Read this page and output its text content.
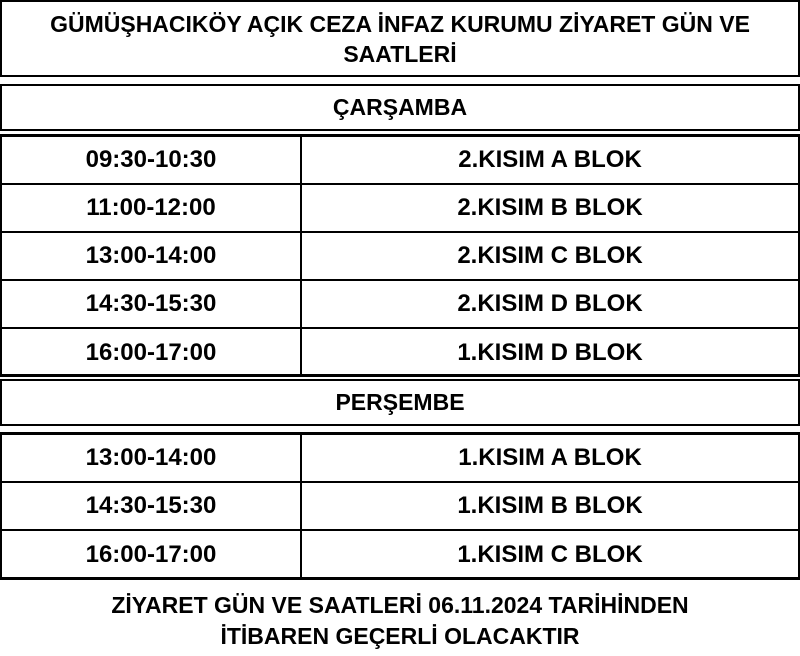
GÜMÜŞHACIKÖY AÇIK CEZA İNFAZ KURUMU ZİYARET GÜN VE SAATLERİ
ÇARŞAMBA
09:30-10:30	2.KISIM A BLOK
11:00-12:00	2.KISIM B BLOK
13:00-14:00	2.KISIM C BLOK
14:30-15:30	2.KISIM D BLOK
16:00-17:00	1.KISIM D BLOK
PERŞEMBE
13:00-14:00	1.KISIM A BLOK
14:30-15:30	1.KISIM B BLOK
16:00-17:00	1.KISIM C BLOK
ZİYARET GÜN VE SAATLERİ 06.11.2024 TARİHİNDEN
İTİBAREN GEÇERLİ OLACAKTIR
